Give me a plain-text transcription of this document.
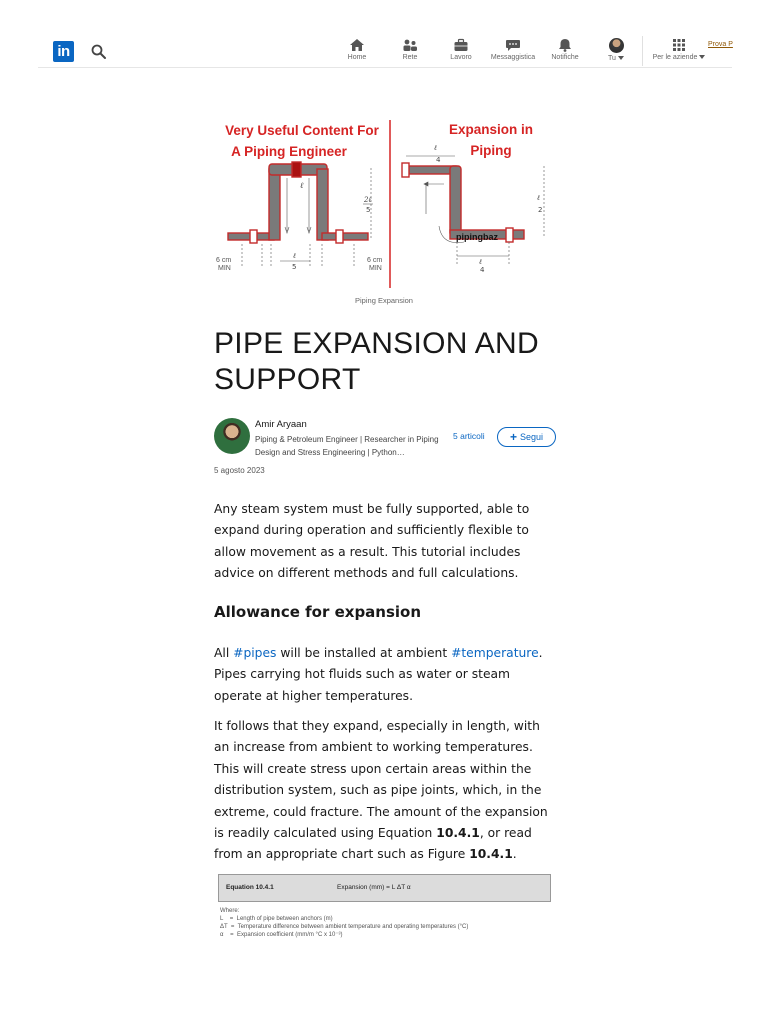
in	Home	Rete	Lavoro	Messaggistica	Notifiche	Tu	Per le aziende
Prova P
Very Useful Content For
A Piping Engineer
Expansion in
Piping
ℓ
2ℓ
5
ℓ
5
6 cm
MIN
6 cm
MIN
pipingbaz
ℓ
4
ℓ
2
ℓ
4
Piping Expansion
PIPE EXPANSION AND SUPPORT
Amir Aryaan
Piping & Petroleum Engineer | Researcher in Piping Design and Stress Engineering | Python…
5 articoli + Segui
5 agosto 2023

Any steam system must be fully supported, able to expand during operation and sufficiently flexible to allow movement as a result. This tutorial includes advice on different methods and full calculations.

Allowance for expansion

All #pipes will be installed at ambient #temperature. Pipes carrying hot fluids such as water or steam operate at higher temperatures.

It follows that they expand, especially in length, with an increase from ambient to working temperatures. This will create stress upon certain areas within the distribution system, such as pipe joints, which, in the extreme, could fracture. The amount of the expansion is readily calculated using Equation 10.4.1, or read from an appropriate chart such as Figure 10.4.1.

Equation 10.4.1	Expansion (mm) = L ΔT α
Where:
L    =  Length of pipe between anchors (m)
ΔT  =  Temperature difference between ambient temperature and operating temperatures (°C)
α    =  Expansion coefficient (mm/m °C x 10⁻³)
